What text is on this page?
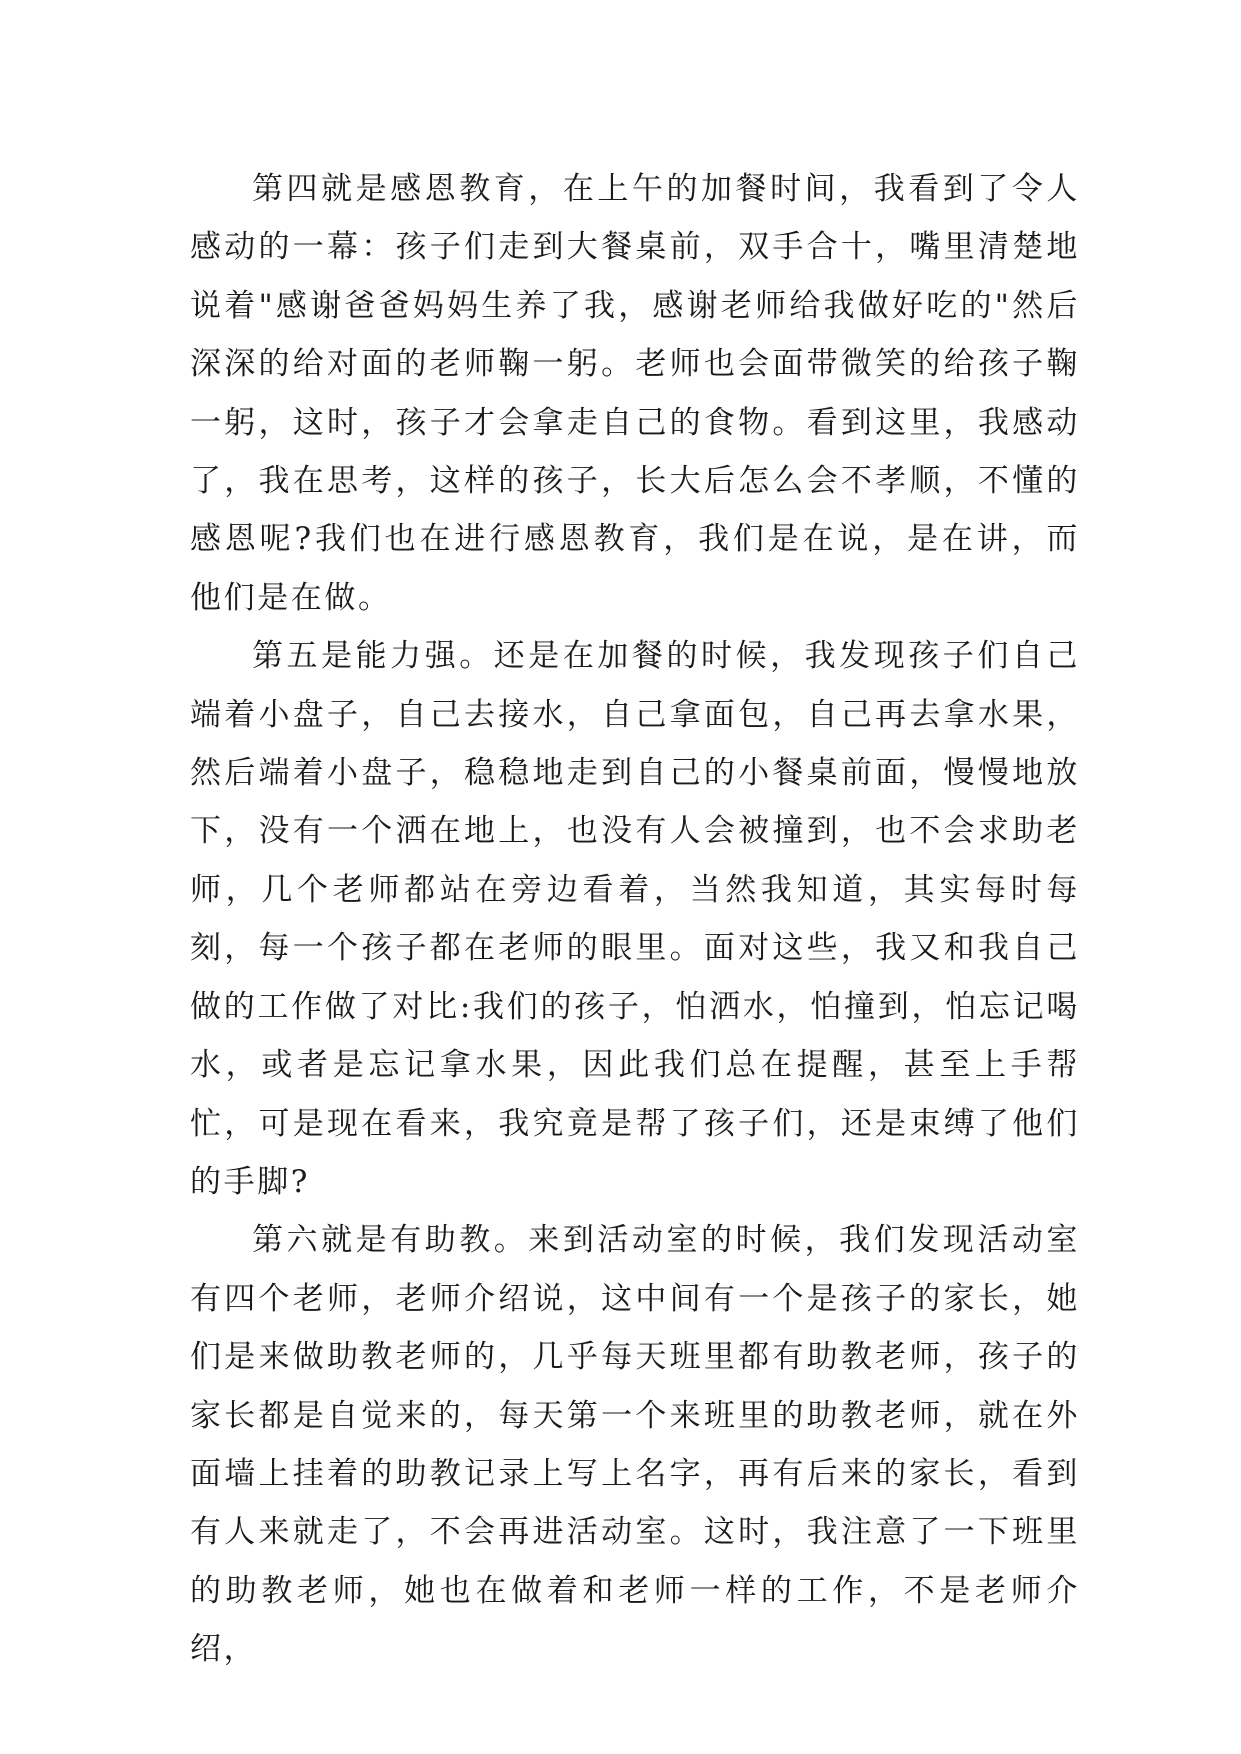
第四就是感恩教育，在上午的加餐时间，我看到了令人感动的一幕：孩子们走到大餐桌前，双手合十，嘴里清楚地说着"感谢爸爸妈妈生养了我，感谢老师给我做好吃的"然后深深的给对面的老师鞠一躬。老师也会面带微笑的给孩子鞠一躬，这时，孩子才会拿走自己的食物。看到这里，我感动了，我在思考，这样的孩子，长大后怎么会不孝顺，不懂的感恩呢?我们也在进行感恩教育，我们是在说，是在讲，而他们是在做。

第五是能力强。还是在加餐的时候，我发现孩子们自己端着小盘子，自己去接水，自己拿面包，自己再去拿水果，然后端着小盘子，稳稳地走到自己的小餐桌前面，慢慢地放下，没有一个洒在地上，也没有人会被撞到，也不会求助老师，几个老师都站在旁边看着，当然我知道，其实每时每刻，每一个孩子都在老师的眼里。面对这些，我又和我自己做的工作做了对比:我们的孩子，怕洒水，怕撞到，怕忘记喝水，或者是忘记拿水果，因此我们总在提醒，甚至上手帮忙，可是现在看来，我究竟是帮了孩子们，还是束缚了他们的手脚?

第六就是有助教。来到活动室的时候，我们发现活动室有四个老师，老师介绍说，这中间有一个是孩子的家长，她们是来做助教老师的，几乎每天班里都有助教老师，孩子的家长都是自觉来的，每天第一个来班里的助教老师，就在外面墙上挂着的助教记录上写上名字，再有后来的家长，看到有人来就走了，不会再进活动室。这时，我注意了一下班里的助教老师，她也在做着和老师一样的工作，不是老师介绍，
